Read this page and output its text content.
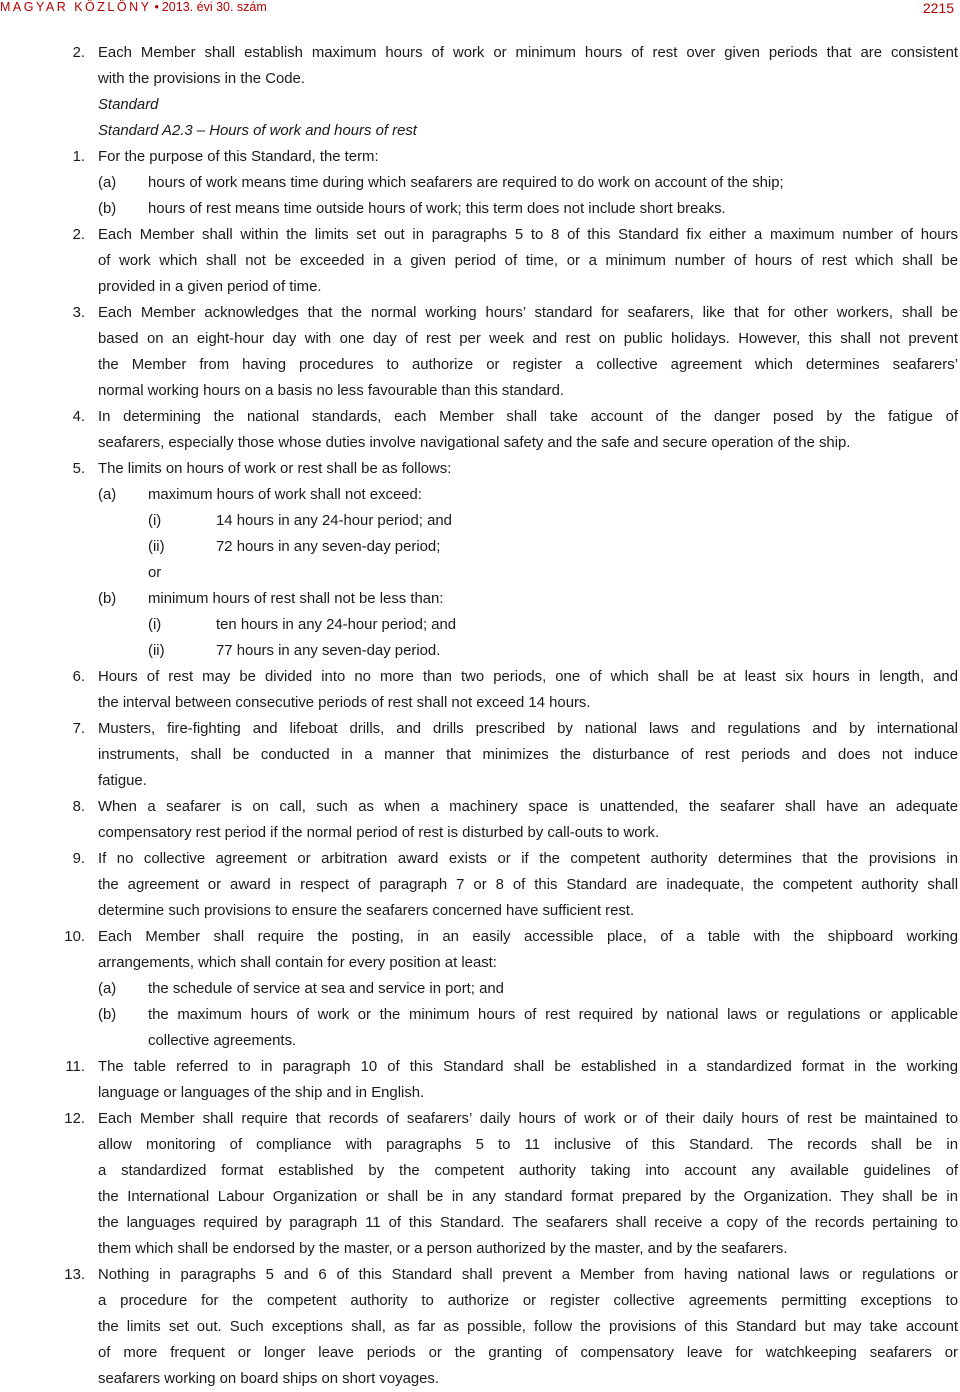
MAGYAR KÖZLÖNY • 2013. évi 30. szám	2215
2. Each Member shall establish maximum hours of work or minimum hours of rest over given periods that are consistent
with the provisions in the Code.
Standard
Standard A2.3 – Hours of work and hours of rest
1. For the purpose of this Standard, the term:
(a) hours of work means time during which seafarers are required to do work on account of the ship;
(b) hours of rest means time outside hours of work; this term does not include short breaks.
2. Each Member shall within the limits set out in paragraphs 5 to 8 of this Standard fix either a maximum number of hours
of work which shall not be exceeded in a given period of time, or a minimum number of hours of rest which shall be
provided in a given period of time.
3. Each Member acknowledges that the normal working hours’ standard for seafarers, like that for other workers, shall be
based on an eight-hour day with one day of rest per week and rest on public holidays. However, this shall not prevent
the Member from having procedures to authorize or register a collective agreement which determines seafarers’
normal working hours on a basis no less favourable than this standard.
4. In determining the national standards, each Member shall take account of the danger posed by the fatigue of
seafarers, especially those whose duties involve navigational safety and the safe and secure operation of the ship.
5. The limits on hours of work or rest shall be as follows:
(a) maximum hours of work shall not exceed:
(i)	14 hours in any 24-hour period; and
(ii)	72 hours in any seven-day period;
or
(b) minimum hours of rest shall not be less than:
(i)	ten hours in any 24-hour period; and
(ii)	77 hours in any seven-day period.
6. Hours of rest may be divided into no more than two periods, one of which shall be at least six hours in length, and
the interval between consecutive periods of rest shall not exceed 14 hours.
7. Musters, fire-fighting and lifeboat drills, and drills prescribed by national laws and regulations and by international
instruments, shall be conducted in a manner that minimizes the disturbance of rest periods and does not induce
fatigue.
8. When a seafarer is on call, such as when a machinery space is unattended, the seafarer shall have an adequate
compensatory rest period if the normal period of rest is disturbed by call-outs to work.
9. If no collective agreement or arbitration award exists or if the competent authority determines that the provisions in
the agreement or award in respect of paragraph 7 or 8 of this Standard are inadequate, the competent authority shall
determine such provisions to ensure the seafarers concerned have sufficient rest.
10. Each Member shall require the posting, in an easily accessible place, of a table with the shipboard working
arrangements, which shall contain for every position at least:
(a) the schedule of service at sea and service in port; and
(b) the maximum hours of work or the minimum hours of rest required by national laws or regulations or applicable
collective agreements.
11. The table referred to in paragraph 10 of this Standard shall be established in a standardized format in the working
language or languages of the ship and in English.
12. Each Member shall require that records of seafarers’ daily hours of work or of their daily hours of rest be maintained to
allow monitoring of compliance with paragraphs 5 to 11 inclusive of this Standard. The records shall be in
a standardized format established by the competent authority taking into account any available guidelines of
the International Labour Organization or shall be in any standard format prepared by the Organization. They shall be in
the languages required by paragraph 11 of this Standard. The seafarers shall receive a copy of the records pertaining to
them which shall be endorsed by the master, or a person authorized by the master, and by the seafarers.
13. Nothing in paragraphs 5 and 6 of this Standard shall prevent a Member from having national laws or regulations or
a procedure for the competent authority to authorize or register collective agreements permitting exceptions to
the limits set out. Such exceptions shall, as far as possible, follow the provisions of this Standard but may take account
of more frequent or longer leave periods or the granting of compensatory leave for watchkeeping seafarers or
seafarers working on board ships on short voyages.
